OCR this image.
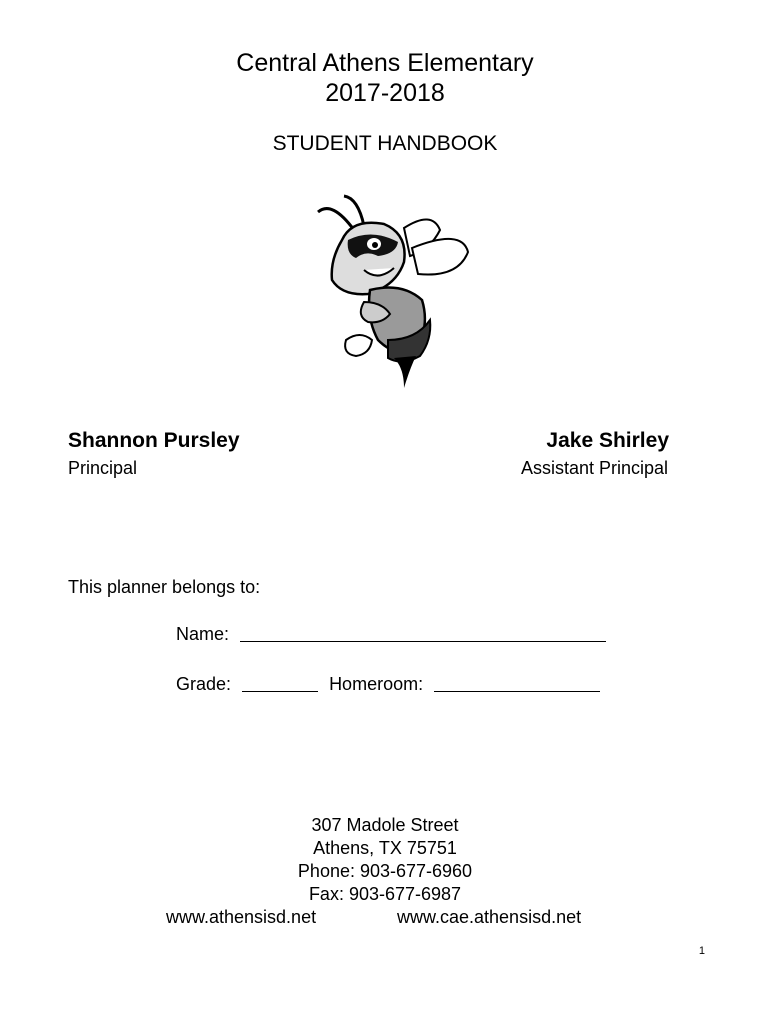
Central Athens Elementary
2017-2018
STUDENT HANDBOOK
Shannon Pursley
Principal
Jake Shirley
Assistant Principal
This planner belongs to:
Name:
Grade:	Homeroom:
307 Madole Street
Athens, TX 75751
Phone: 903-677-6960
Fax: 903-677-6987
www.athensisd.net	www.cae.athensisd.net
1
